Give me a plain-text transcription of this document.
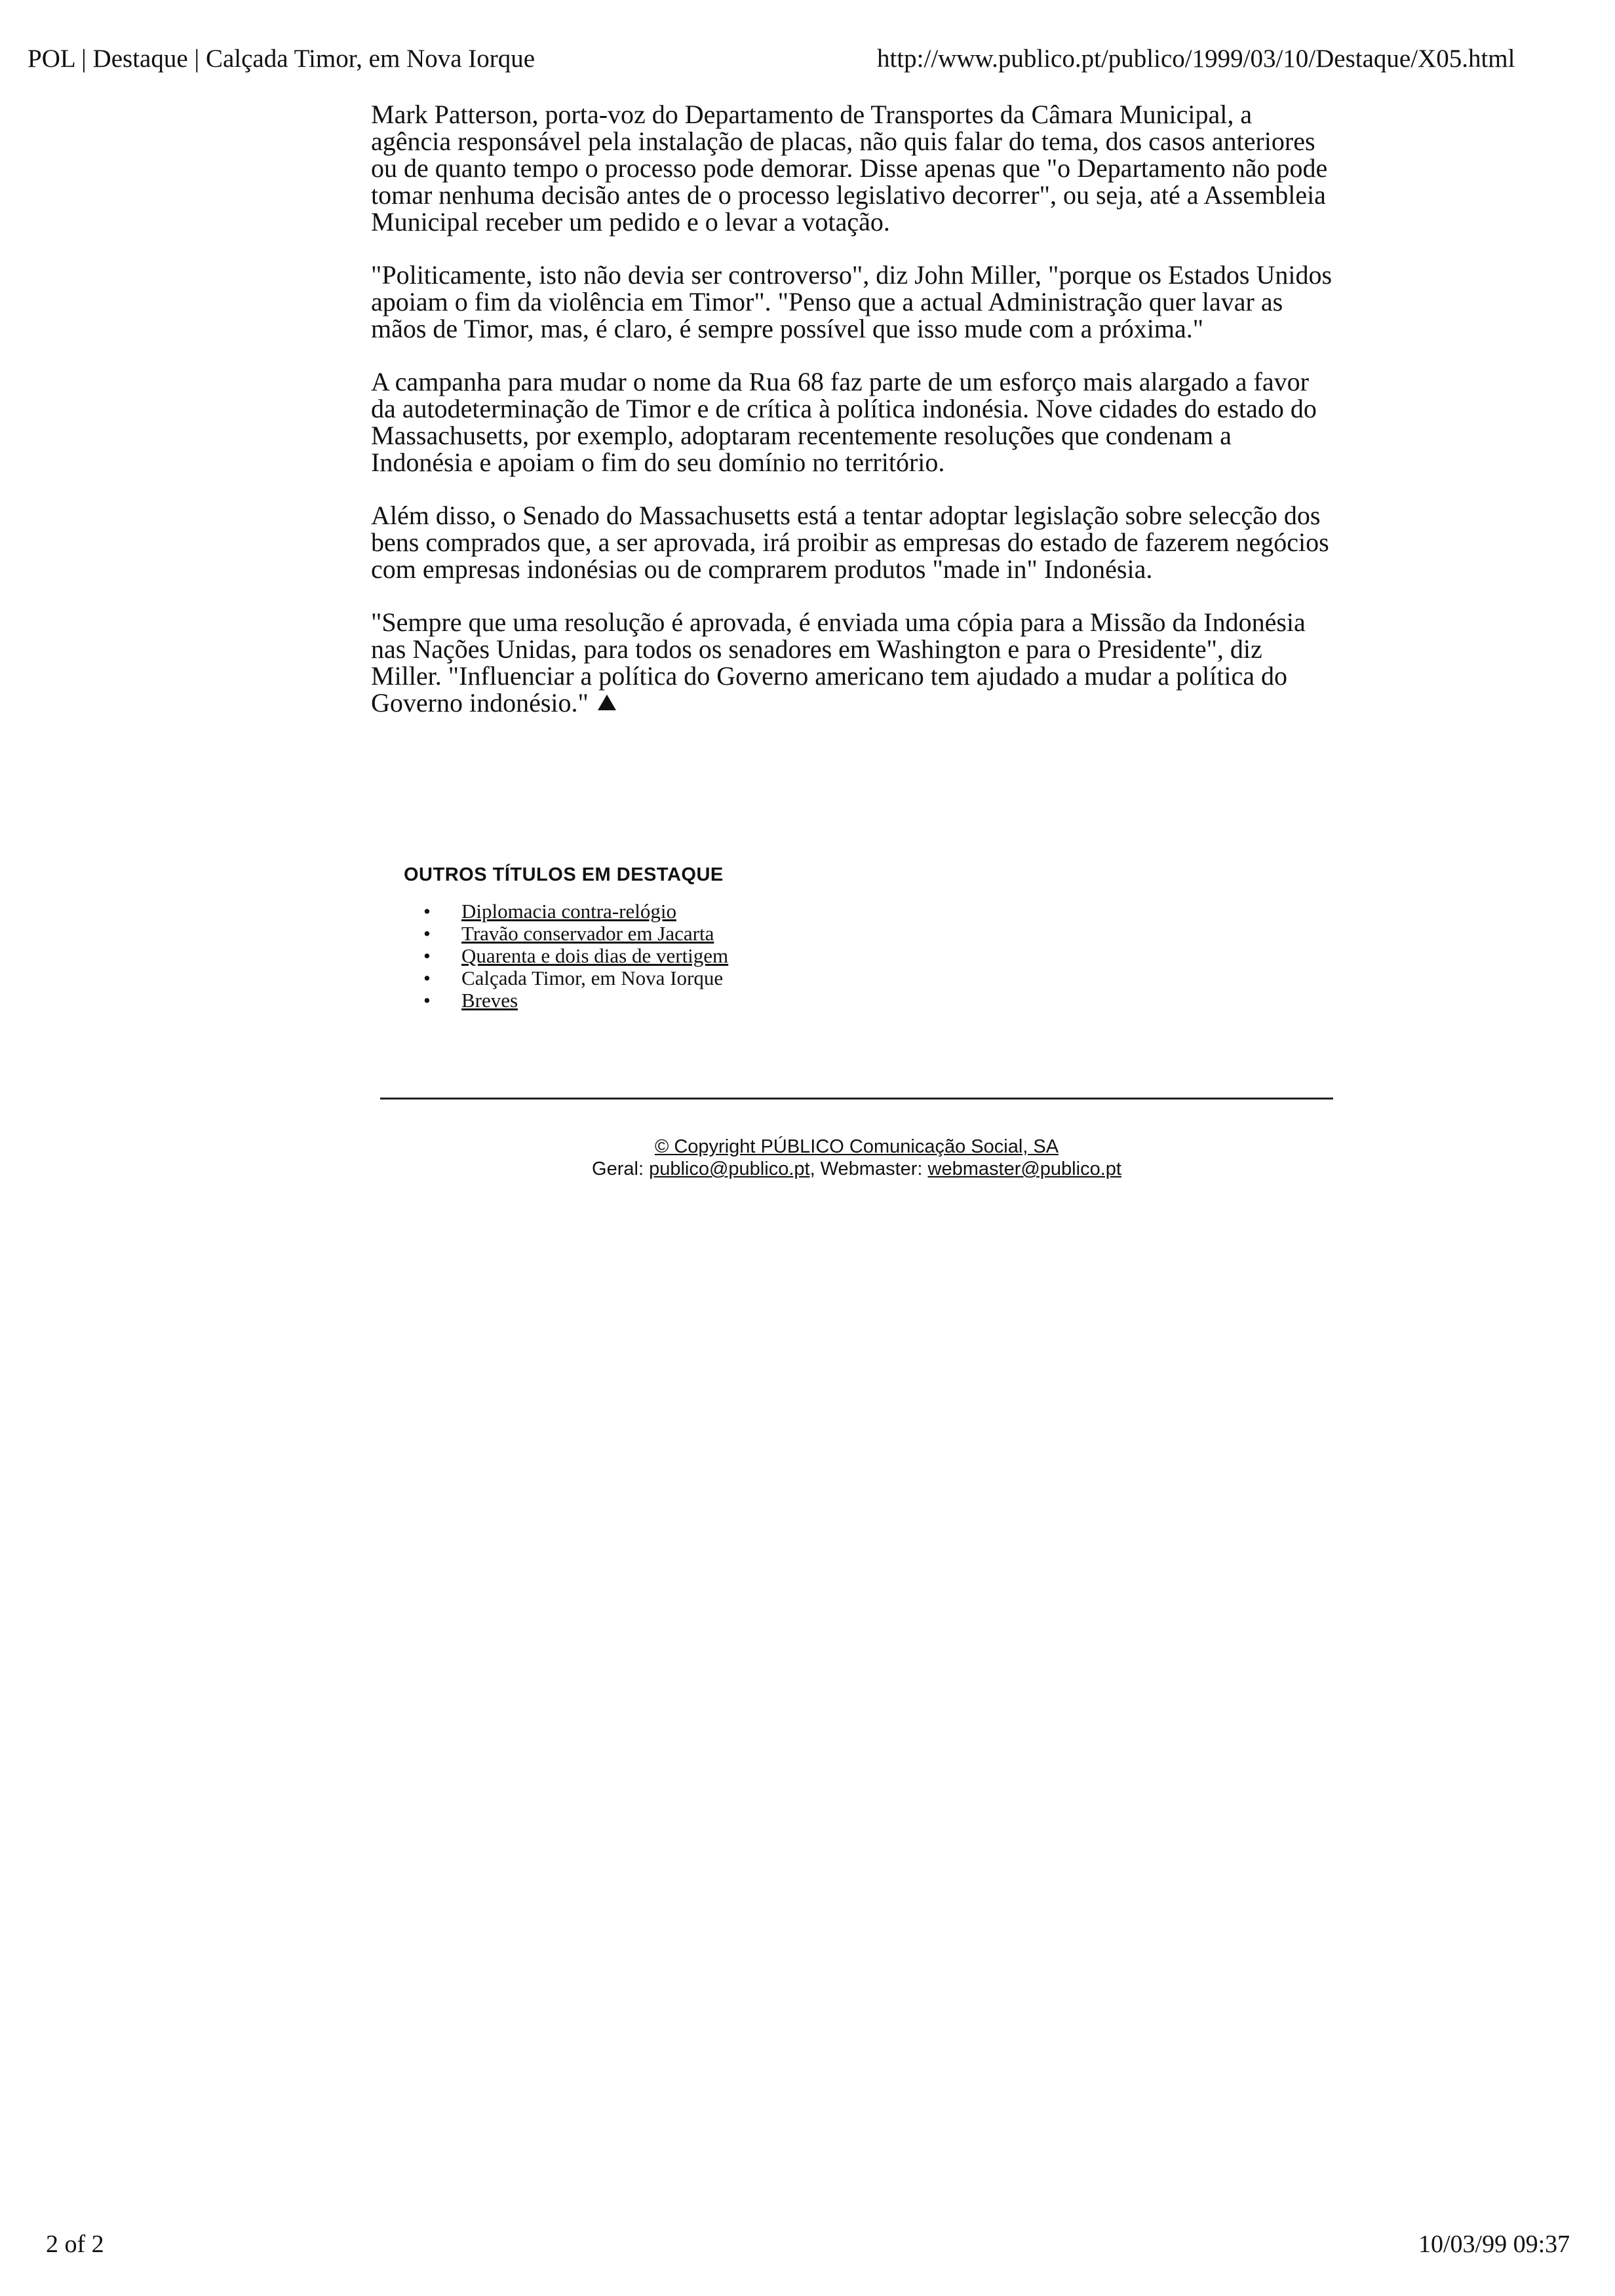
POL | Destaque | Calçada Timor, em Nova Iorque	http://www.publico.pt/publico/1999/03/10/Destaque/X05.html

Mark Patterson, porta-voz do Departamento de Transportes da Câmara Municipal, a agência responsável pela instalação de placas, não quis falar do tema, dos casos anteriores ou de quanto tempo o processo pode demorar. Disse apenas que "o Departamento não pode tomar nenhuma decisão antes de o processo legislativo decorrer", ou seja, até a Assembleia Municipal receber um pedido e o levar a votação.

"Politicamente, isto não devia ser controverso", diz John Miller, "porque os Estados Unidos apoiam o fim da violência em Timor". "Penso que a actual Administração quer lavar as mãos de Timor, mas, é claro, é sempre possível que isso mude com a próxima."

A campanha para mudar o nome da Rua 68 faz parte de um esforço mais alargado a favor da autodeterminação de Timor e de crítica à política indonésia. Nove cidades do estado do Massachusetts, por exemplo, adoptaram recentemente resoluções que condenam a Indonésia e apoiam o fim do seu domínio no território.

Além disso, o Senado do Massachusetts está a tentar adoptar legislação sobre selecção dos bens comprados que, a ser aprovada, irá proibir as empresas do estado de fazerem negócios com empresas indonésias ou de comprarem produtos "made in" Indonésia.

"Sempre que uma resolução é aprovada, é enviada uma cópia para a Missão da Indonésia nas Nações Unidas, para todos os senadores em Washington e para o Presidente", diz Miller. "Influenciar a política do Governo americano tem ajudado a mudar a política do Governo indonésio."

OUTROS TÍTULOS EM DESTAQUE
• Diplomacia contra-relógio
• Travão conservador em Jacarta
• Quarenta e dois dias de vertigem
• Calçada Timor, em Nova Iorque
• Breves
© Copyright PÚBLICO Comunicação Social, SA
Geral: publico@publico.pt, Webmaster: webmaster@publico.pt
2 of 2	10/03/99 09:37
